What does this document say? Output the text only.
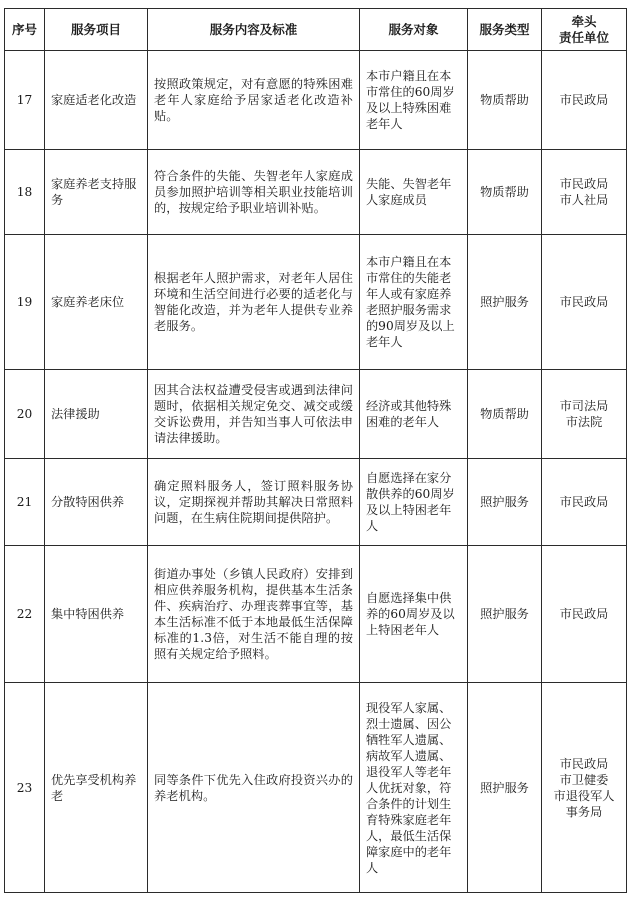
序号	服务项目	服务内容及标准	服务对象	服务类型	牵头
责任单位

17	家庭适老化改造	按照政策规定，对有意愿的特殊困难老年人家庭给予居家适老化改造补贴。	本市户籍且在本市常住的60周岁及以上特殊困难老年人	物质帮助	市民政局

18	家庭养老支持服务	符合条件的失能、失智老年人家庭成员参加照护培训等相关职业技能培训的，按规定给予职业培训补贴。	失能、失智老年人家庭成员	物质帮助	市民政局
市人社局

19	家庭养老床位	根据老年人照护需求，对老年人居住环境和生活空间进行必要的适老化与智能化改造，并为老年人提供专业养老服务。	本市户籍且在本市常住的失能老年人或有家庭养老照护服务需求的90周岁及以上老年人	照护服务	市民政局

20	法律援助	因其合法权益遭受侵害或遇到法律问题时，依据相关规定免交、减交或缓交诉讼费用，并告知当事人可依法申请法律援助。	经济或其他特殊困难的老年人	物质帮助	市司法局
市法院

21	分散特困供养	确定照料服务人，签订照料服务协议，定期探视并帮助其解决日常照料问题，在生病住院期间提供陪护。	自愿选择在家分散供养的60周岁及以上特困老年人	照护服务	市民政局

22	集中特困供养	街道办事处（乡镇人民政府）安排到相应供养服务机构，提供基本生活条件、疾病治疗、办理丧葬事宜等，基本生活标准不低于本地最低生活保障标准的1.3倍，对生活不能自理的按照有关规定给予照料。	自愿选择集中供养的60周岁及以上特困老年人	照护服务	市民政局

23	优先享受机构养老	同等条件下优先入住政府投资兴办的养老机构。	现役军人家属、烈士遗属、因公牺牲军人遗属、病故军人遗属、退役军人等老年人优抚对象，符合条件的计划生育特殊家庭老年人，最低生活保障家庭中的老年人	照护服务	市民政局
市卫健委
市退役军人事务局
